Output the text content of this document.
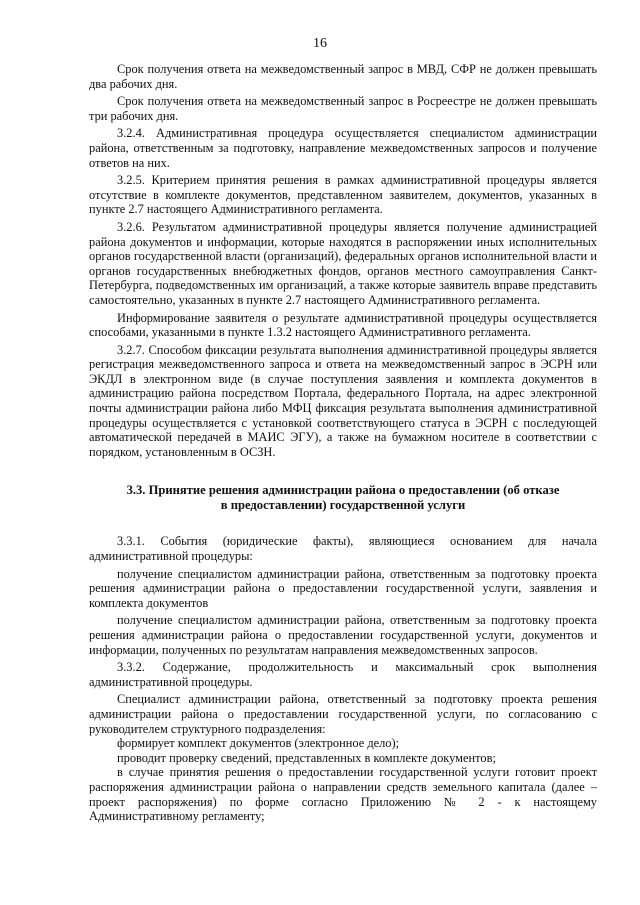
16

Срок получения ответа на межведомственный запрос в МВД, СФР не должен превышать два рабочих дня.

Срок получения ответа на межведомственный запрос в Росреестре не должен превышать три рабочих дня.

3.2.4. Административная процедура осуществляется специалистом администрации района, ответственным за подготовку, направление межведомственных запросов и получение ответов на них.

3.2.5. Критерием принятия решения в рамках административной процедуры является отсутствие в комплекте документов, представленном заявителем, документов, указанных в пункте 2.7 настоящего Административного регламента.

3.2.6. Результатом административной процедуры является получение администрацией района документов и информации, которые находятся в распоряжении иных исполнительных органов государственной власти (организаций), федеральных органов исполнительной власти и органов государственных внебюджетных фондов, органов местного самоуправления Санкт-Петербурга, подведомственных им организаций, а также которые заявитель вправе представить самостоятельно, указанных в пункте 2.7 настоящего Административного регламента.

Информирование заявителя о результате административной процедуры осуществляется способами, указанными в пункте 1.3.2 настоящего Административного регламента.

3.2.7. Способом фиксации результата выполнения административной процедуры является регистрация межведомственного запроса и ответа на межведомственный запрос в ЭСРН или ЭКДЛ в электронном виде (в случае поступления заявления и комплекта документов в администрацию района посредством Портала, федерального Портала, на адрес электронной почты администрации района либо МФЦ фиксация результата выполнения административной процедуры осуществляется с установкой соответствующего статуса в ЭСРН с последующей автоматической передачей в МАИС ЭГУ), а также на бумажном носителе в соответствии с порядком, установленным в ОСЗН.

3.3. Принятие решения администрации района о предоставлении (об отказе
в предоставлении) государственной услуги

3.3.1. События (юридические факты), являющиеся основанием для начала административной процедуры:

получение специалистом администрации района, ответственным за подготовку проекта решения администрации района о предоставлении государственной услуги, заявления и комплекта документов

получение специалистом администрации района, ответственным за подготовку проекта решения администрации района о предоставлении государственной услуги, документов и информации, полученных по результатам направления межведомственных запросов.

3.3.2. Содержание, продолжительность и максимальный срок выполнения административной процедуры.

Специалист администрации района, ответственный за подготовку проекта решения администрации района о предоставлении государственной услуги, по согласованию с руководителем структурного подразделения:

формирует комплект документов (электронное дело);

проводит проверку сведений, представленных в комплекте документов;

в случае принятия решения о предоставлении государственной услуги готовит проект распоряжения администрации района о направлении средств земельного капитала (далее – проект распоряжения) по форме согласно Приложению № 2 - к настоящему Административному регламенту;
